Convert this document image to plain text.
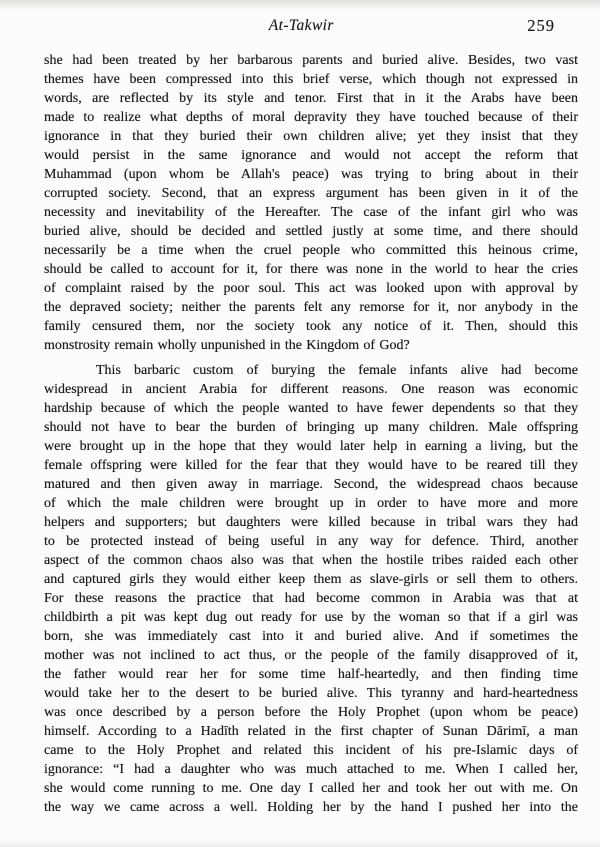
At-Takwir	259
she had been treated by her barbarous parents and buried alive. Besides, two vast
themes have been compressed into this brief verse, which though not expressed in
words, are reflected by its style and tenor. First that in it the Arabs have been
made to realize what depths of moral depravity they have touched because of their
ignorance in that they buried their own children alive; yet they insist that they
would persist in the same ignorance and would not accept the reform that
Muhammad (upon whom be Allah's peace) was trying to bring about in their
corrupted society. Second, that an express argument has been given in it of the
necessity and inevitability of the Hereafter. The case of the infant girl who was
buried alive, should be decided and settled justly at some time, and there should
necessarily be a time when the cruel people who committed this heinous crime,
should be called to account for it, for there was none in the world to hear the cries
of complaint raised by the poor soul. This act was looked upon with approval by
the depraved society; neither the parents felt any remorse for it, nor anybody in the
family censured them, nor the society took any notice of it. Then, should this
monstrosity remain wholly unpunished in the Kingdom of God?
This barbaric custom of burying the female infants alive had become
widespread in ancient Arabia for different reasons. One reason was economic
hardship because of which the people wanted to have fewer dependents so that they
should not have to bear the burden of bringing up many children. Male offspring
were brought up in the hope that they would later help in earning a living, but the
female offspring were killed for the fear that they would have to be reared till they
matured and then given away in marriage. Second, the widespread chaos because
of which the male children were brought up in order to have more and more
helpers and supporters; but daughters were killed because in tribal wars they had
to be protected instead of being useful in any way for defence. Third, another
aspect of the common chaos also was that when the hostile tribes raided each other
and captured girls they would either keep them as slave-girls or sell them to others.
For these reasons the practice that had become common in Arabia was that at
childbirth a pit was kept dug out ready for use by the woman so that if a girl was
born, she was immediately cast into it and buried alive. And if sometimes the
mother was not inclined to act thus, or the people of the family disapproved of it,
the father would rear her for some time half-heartedly, and then finding time
would take her to the desert to be buried alive. This tyranny and hard-heartedness
was once described by a person before the Holy Prophet (upon whom be peace)
himself. According to a Hadīth related in the first chapter of Sunan Dārimī, a man
came to the Holy Prophet and related this incident of his pre-Islamic days of
ignorance: “I had a daughter who was much attached to me. When I called her,
she would come running to me. One day I called her and took her out with me. On
the way we came across a well. Holding her by the hand I pushed her into the
